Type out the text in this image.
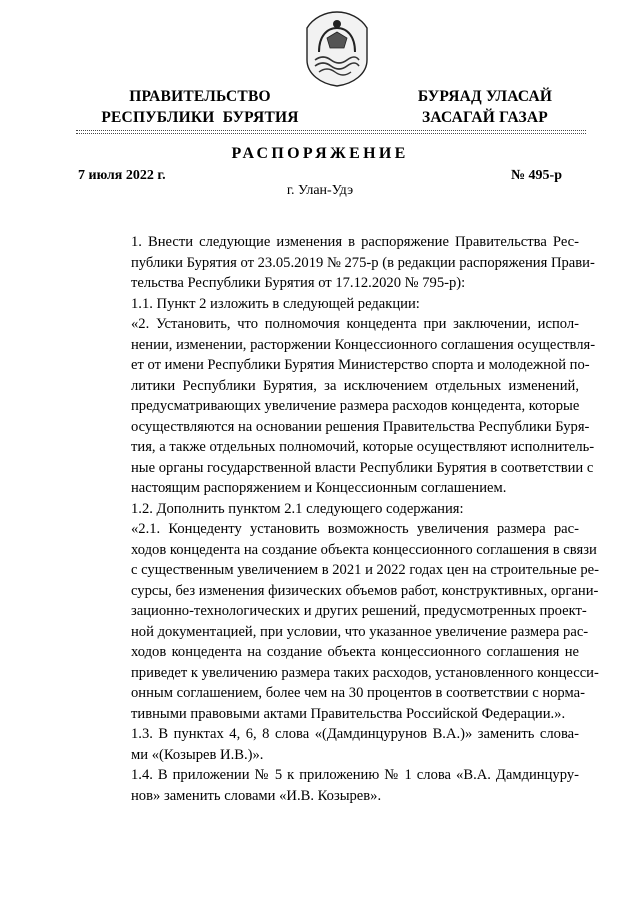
ПРАВИТЕЛЬСТВО
РЕСПУБЛИКИ  БУРЯТИЯ
БУРЯАД УЛАСАЙ
ЗАСАГАЙ ГАЗАР
РАСПОРЯЖЕНИЕ
7 июля 2022 г.	№ 495-р
г. Улан-Удэ

1. Внести следующие изменения в распоряжение Правительства Рес-
публики Бурятия от 23.05.2019 № 275-р (в редакции распоряжения Прави-
тельства Республики Бурятия от 17.12.2020 № 795-р):

1.1. Пункт 2 изложить в следующей редакции:

«2. Установить, что полномочия концедента при заключении, испол-
нении, изменении, расторжении Концессионного соглашения осуществля-
ет от имени Республики Бурятия Министерство спорта и молодежной по-
литики Республики Бурятия, за исключением отдельных изменений,
предусматривающих увеличение размера расходов концедента, которые
осуществляются на основании решения Правительства Республики Буря-
тия, а также отдельных полномочий, которые осуществляют исполнитель-
ные органы государственной власти Республики Бурятия в соответствии с
настоящим распоряжением и Концессионным соглашением.

1.2. Дополнить пунктом 2.1 следующего содержания:

«2.1. Концеденту установить возможность увеличения размера рас-
ходов концедента на создание объекта концессионного соглашения в связи
с существенным увеличением в 2021 и 2022 годах цен на строительные ре-
сурсы, без изменения физических объемов работ, конструктивных, органи-
зационно-технологических и других решений, предусмотренных проект-
ной документацией, при условии, что указанное увеличение размера рас-
ходов концедента на создание объекта концессионного соглашения не
приведет к увеличению размера таких расходов, установленного концесси-
онным соглашением, более чем на 30 процентов в соответствии с норма-
тивными правовыми актами Правительства Российской Федерации.».

1.3. В пунктах 4, 6, 8 слова «(Дамдинцурунов В.А.)» заменить слова-
ми «(Козырев И.В.)».

1.4. В приложении № 5 к приложению № 1 слова «В.А. Дамдинцуру-
нов» заменить словами «И.В. Козырев».
